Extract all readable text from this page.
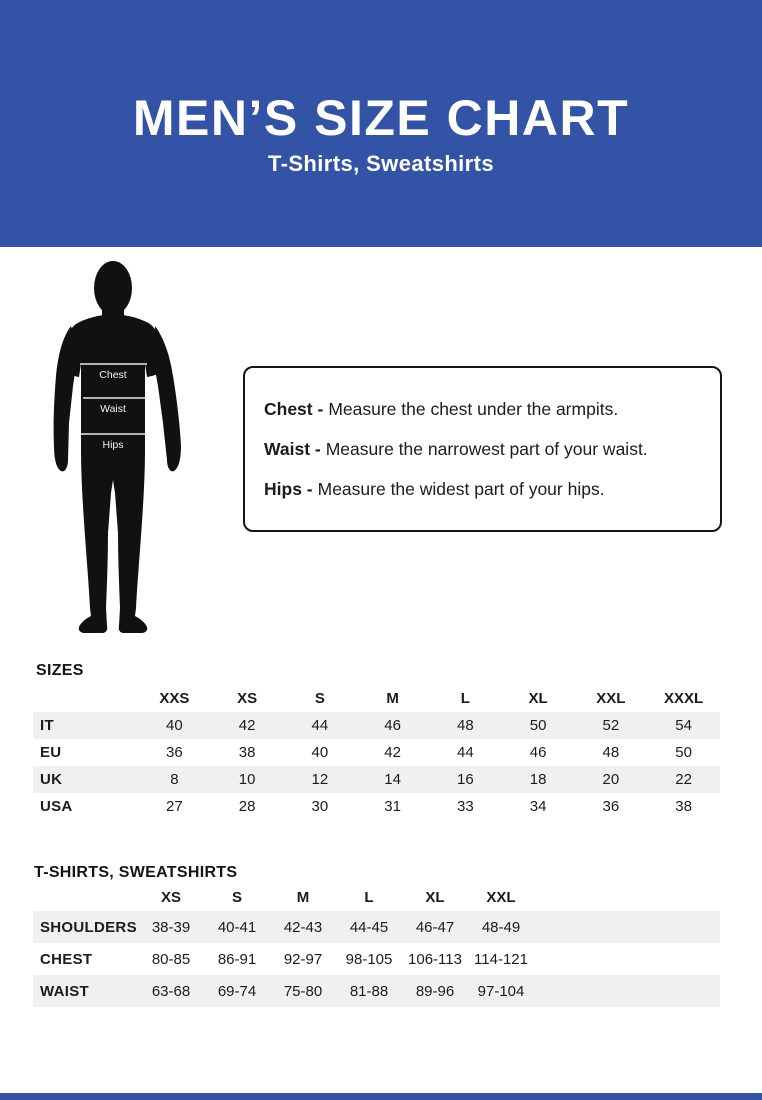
MEN’S SIZE CHART
T-Shirts, Sweatshirts
Chest
Waist
Hips

Chest - Measure the chest under the armpits.

Waist - Measure the narrowest part of your waist.

Hips - Measure the widest part of your hips.

SIZES
	XXS	XS	S	M	L	XL	XXL	XXXL
IT	40	42	44	46	48	50	52	54
EU	36	38	40	42	44	46	48	50
UK	8	10	12	14	16	18	20	22
USA	27	28	30	31	33	34	36	38
T-SHIRTS, SWEATSHIRTS
	XS	S	M	L	XL	XXL	
SHOULDERS	38-39	40-41	42-43	44-45	46-47	48-49	
CHEST	80-85	86-91	92-97	98-105	106-113	114-121	
WAIST	63-68	69-74	75-80	81-88	89-96	97-104	
